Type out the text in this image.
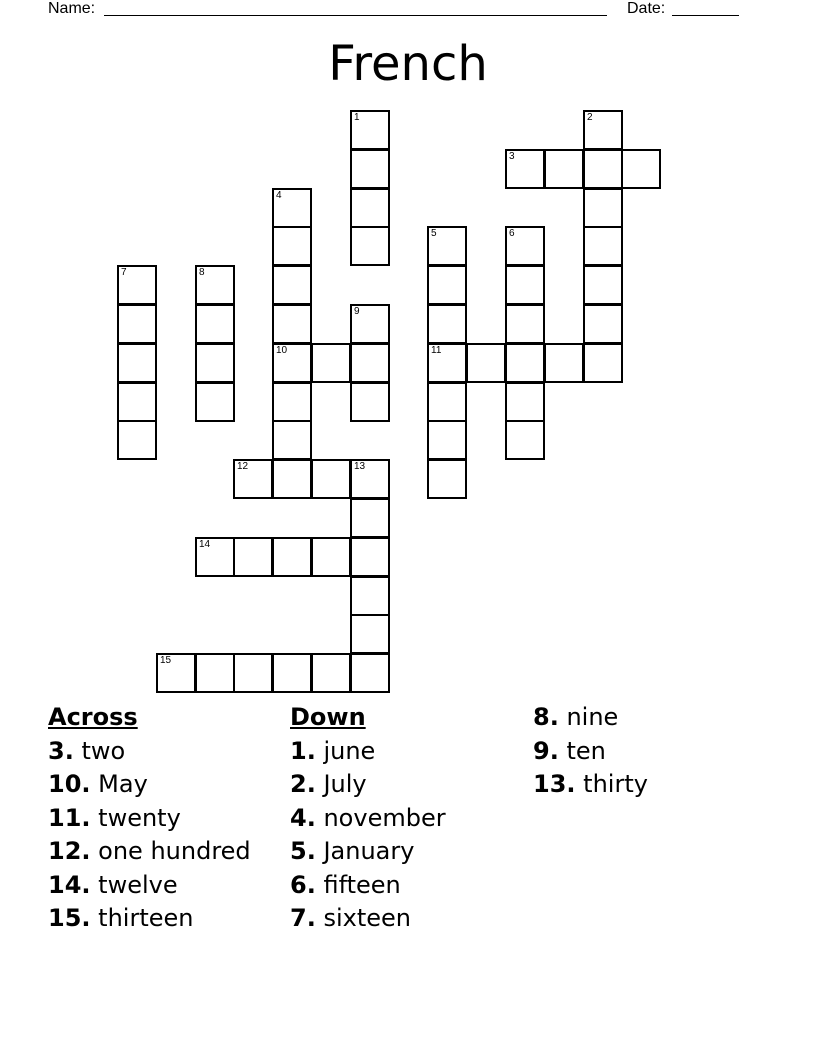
Name:	Date:
French
1	2
3
4
10
5
11
6
7	8
9
12	13
14
15
Across
3. two
10. May
11. twenty
12. one hundred
14. twelve
15. thirteen
Down
1. june
2. July
4. november
5. January
6. fifteen
7. sixteen
8. nine
9. ten
13. thirty
